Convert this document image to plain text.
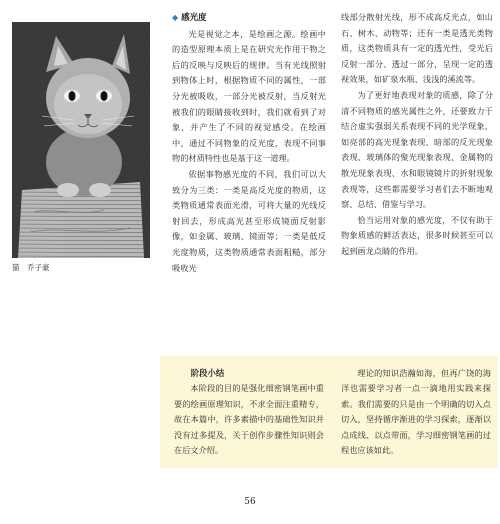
猫　乔子豪
◆ 感光度

光是视觉之本，是绘画之源。绘画中的造型原理本质上是在研究光作用于物之后的反映与反映后的规律。当有光线照射到物体上时，根据物质不同的属性，一部分光被吸收，一部分光被反射，当反射光被我们的眼睛接收到时，我们就看到了对象，并产生了不同的视觉感受。在绘画中，通过不同物象的反光度，表现不同事物的材质特性也是基于这一道理。

依据事物感光度的不同，我们可以大致分为三类：一类是高反光度的物质，这类物质通常表面光滑，可将大量的光线反射回去，形成高光甚至形成镜面反射影像，如金属、玻璃、镜面等；一类是低反光度物质，这类物质通常表面粗糙，部分吸收光

线部分散射光线，形不成高反光点，如山石、树木、动物等；还有一类是透光类物质，这类物质具有一定的透光性，受光后反射一部分、透过一部分，呈现一定的透视效果，如矿泉水瓶、浅浅的溪流等。

为了更好地表现对象的质感，除了分清不同物质的感光属性之外，还要致力于结合虚实强弱关系表现不同的光学现象，如亮部的高光现象表现、暗部的反光现象表现、玻璃体的聚光现象表现、金属物的散光现象表现、水和眼镜镜片的折射现象表现等，这些都需要学习者们去不断地观察、总结、借鉴与学习。

恰当运用对象的感光度，不仅有助于物象质感的鲜活表达，很多时候甚至可以起到画龙点睛的作用。

阶段小结

本阶段的目的是强化细密钢笔画中重要的绘画原理知识，不求全面注重精专，故在本篇中，许多素描中的基础性知识并没有过多提及，关于创作步骤性知识则会在后文介绍。

理论的知识浩瀚如海，但再广饶的海洋也需要学习者一点一滴地用实践来探索。我们需要的只是由一个明确的切入点切入，坚持循序渐进的学习探索，逐渐以点成线、以点带面，学习细密钢笔画的过程也应该如此。

56
